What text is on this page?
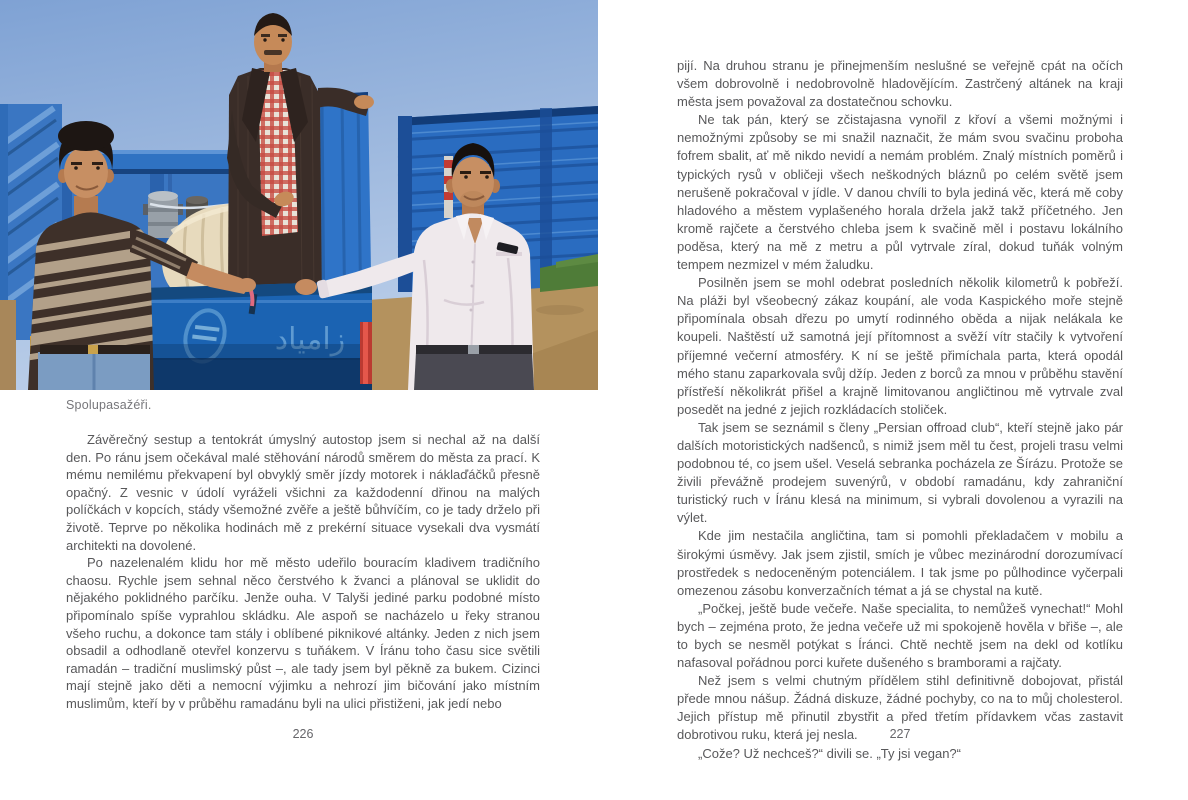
زامیاد
Spolupasažéři.

Závěrečný sestup a tentokrát úmyslný autostop jsem si nechal až na další den. Po ránu jsem očekával malé stěhování národů směrem do města za prací. K mému nemilému překvapení byl obvyklý směr jízdy motorek i náklaďáčků přesně opačný. Z vesnic v údolí vyráželi všichni za každodenní dřinou na malých políčkách v kopcích, stády všemožné zvěře a ještě bůhvíčím, co je tady drželo při životě. Teprve po několika hodinách mě z prekérní situace vysekali dva vysmátí architekti na dovolené.

Po nazelenalém klidu hor mě město udeřilo bouracím kladivem tradičního chaosu. Rychle jsem sehnal něco čerstvého k žvanci a plánoval se uklidit do nějakého poklidného parčíku. Jenže ouha. V Talyši jediné parku podobné místo připomínalo spíše vyprahlou skládku. Ale aspoň se nacházelo u řeky stranou všeho ruchu, a dokonce tam stály i oblíbené piknikové altánky. Jeden z nich jsem obsadil a odhodlaně otevřel konzervu s tuňákem. V Íránu toho času sice světili ramadán – tradiční muslimský půst –, ale tady jsem byl pěkně za bukem. Cizinci mají stejně jako děti a nemocní výjimku a nehrozí jim bičování jako místním muslimům, kteří by v průběhu ramadánu byli na ulici přistiženi, jak jedí nebo

pijí. Na druhou stranu je přinejmenším neslušné se veřejně cpát na očích všem dobrovolně i nedobrovolně hladovějícím. Zastrčený altánek na kraji města jsem považoval za dostatečnou schovku.

Ne tak pán, který se zčistajasna vynořil z křoví a všemi možnými i nemožnými způsoby se mi snažil naznačit, že mám svou svačinu proboha fofrem sbalit, ať mě nikdo nevidí a nemám problém. Znalý místních poměrů i typických rysů v obličeji všech neškodných bláznů po celém světě jsem nerušeně pokračoval v jídle. V danou chvíli to byla jediná věc, která mě coby hladového a městem vyplašeného horala držela jakž takž příčetného. Jen kromě rajčete a čerstvého chleba jsem k svačině měl i postavu lokálního poděsa, který na mě z metru a půl vytrvale zíral, dokud tuňák volným tempem nezmizel v mém žaludku.

Posilněn jsem se mohl odebrat posledních několik kilometrů k pobřeží. Na pláži byl všeobecný zákaz koupání, ale voda Kaspického moře stejně připomínala obsah dřezu po umytí rodinného oběda a nijak nelákala ke koupeli. Naštěstí už samotná její přítomnost a svěží vítr stačily k vytvoření příjemné večerní atmosféry. K ní se ještě přimíchala parta, která opodál mého stanu zaparkovala svůj džíp. Jeden z borců za mnou v průběhu stavění přístřeší několikrát přišel a krajně limitovanou angličtinou mě vytrvale zval posedět na jedné z jejich rozkládacích stoliček.

Tak jsem se seznámil s členy „Persian offroad club“, kteří stejně jako pár dalších motoristických nadšenců, s nimiž jsem měl tu čest, projeli trasu velmi podobnou té, co jsem ušel. Veselá sebranka pocházela ze Šírázu. Protože se živili převážně prodejem suvenýrů, v období ramadánu, kdy zahraniční turistický ruch v Íránu klesá na minimum, si vybrali dovolenou a vyrazili na výlet.

Kde jim nestačila angličtina, tam si pomohli překladačem v mobilu a širokými úsměvy. Jak jsem zjistil, smích je vůbec mezinárodní dorozumívací prostředek s nedoceněným potenciálem. I tak jsme po půlhodince vyčerpali omezenou zásobu konverzačních témat a já se chystal na kutě.

„Počkej, ještě bude večeře. Naše specialita, to nemůžeš vynechat!“ Mohl bych – zejména proto, že jedna večeře už mi spokojeně hověla v břiše –, ale to bych se nesměl potýkat s Íránci. Chtě nechtě jsem na dekl od kotlíku nafasoval pořádnou porci kuřete dušeného s bramborami a rajčaty.

Než jsem s velmi chutným přídělem stihl definitivně dobojovat, přistál přede mnou nášup. Žádná diskuze, žádné pochyby, co na to můj cholesterol. Jejich přístup mě přinutil zbystřit a před třetím přídavkem včas zastavit dobrotivou ruku, která jej nesla.

„Cože? Už nechceš?“ divili se. „Ty jsi vegan?“

226	227
